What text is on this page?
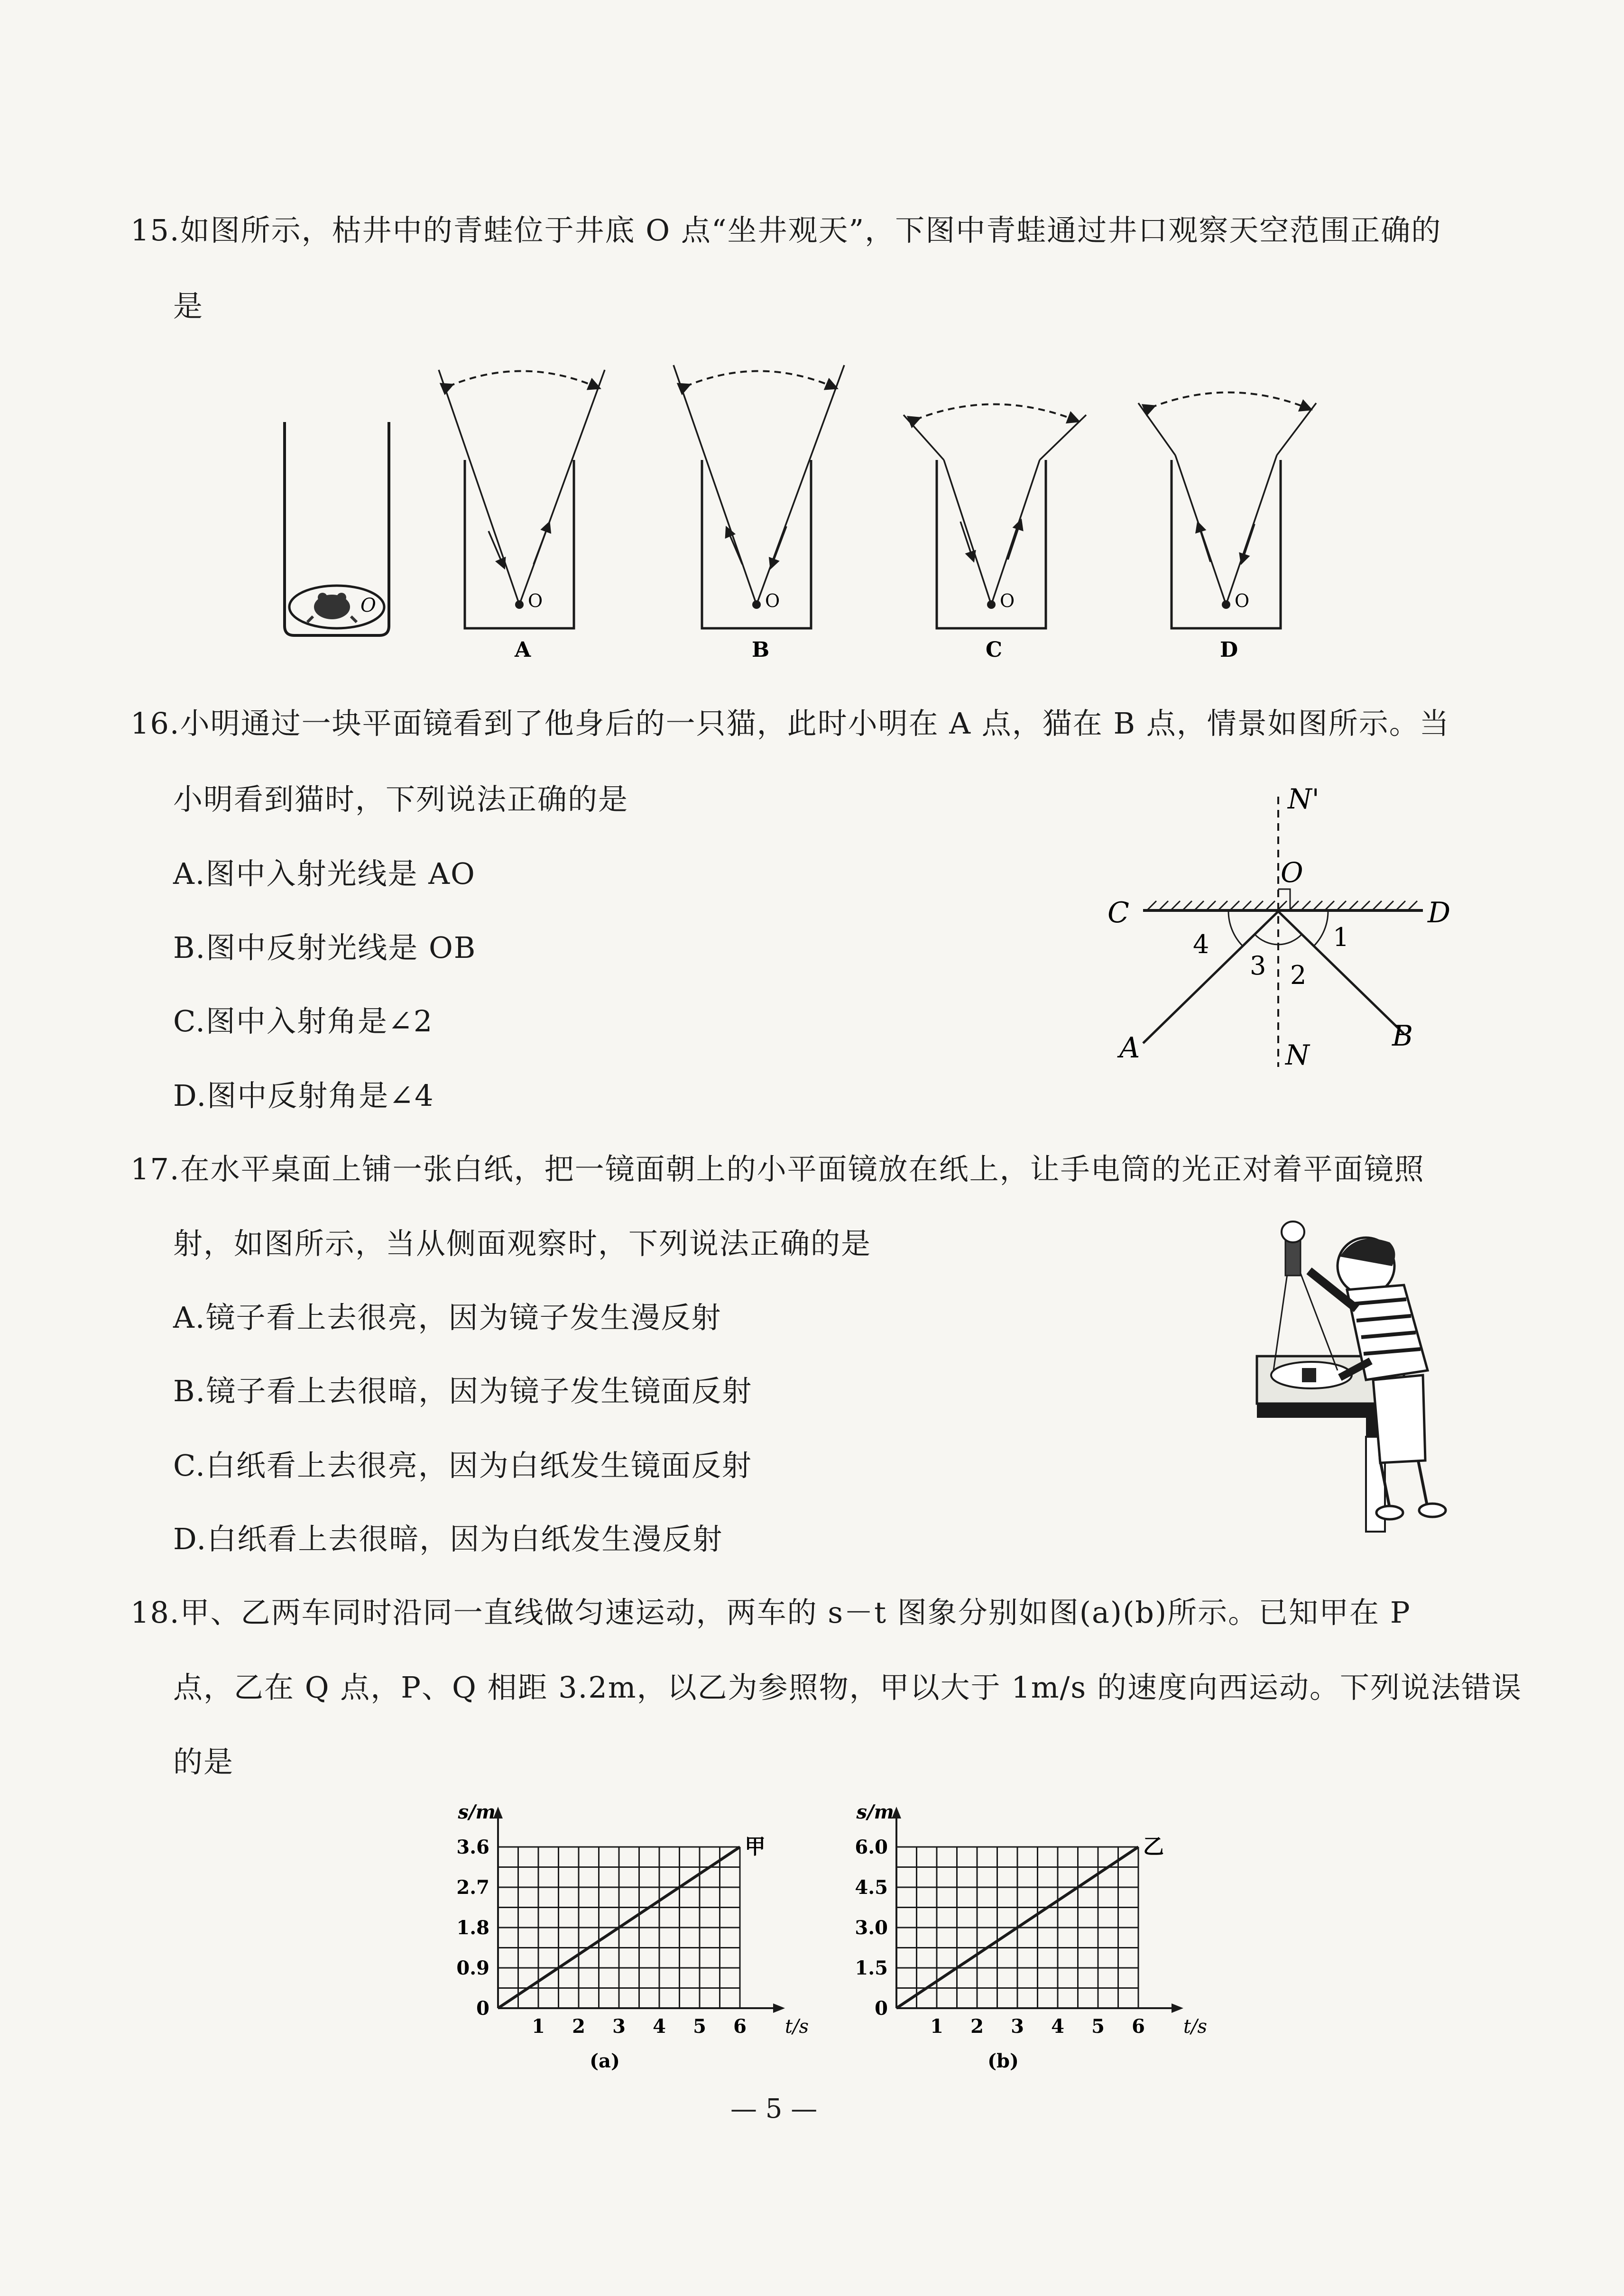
15.如图所示，枯井中的青蛙位于井底 O 点“坐井观天”，下图中青蛙通过井口观察天空范围正确的
是
O	O
A
O
B
O
C
O
D
16.小明通过一块平面镜看到了他身后的一只猫，此时小明在 A 点，猫在 B 点，情景如图所示。当
小明看到猫时，下列说法正确的是
A.图中入射光线是 AO
B.图中反射光线是 OB
C.图中入射角是∠2
D.图中反射角是∠4
N'
O
C	D
4
3 2
1
A	B
N
17.在水平桌面上铺一张白纸，把一镜面朝上的小平面镜放在纸上，让手电筒的光正对着平面镜照
射，如图所示，当从侧面观察时，下列说法正确的是
A.镜子看上去很亮，因为镜子发生漫反射
B.镜子看上去很暗，因为镜子发生镜面反射
C.白纸看上去很亮，因为白纸发生镜面反射
D.白纸看上去很暗，因为白纸发生漫反射
18.甲、乙两车同时沿同一直线做匀速运动，两车的 s－t 图象分别如图(a)(b)所示。已知甲在 P
点，乙在 Q 点，P、Q 相距 3.2m，以乙为参照物，甲以大于 1m/s 的速度向西运动。下列说法错误
的是
0
0.9
1.8
2.7
3.6
1 2 3 4 5 6
s/m
t/s
甲
(a)
0
1.5
3.0
4.5
6.0
1 2 3 4 5 6
s/m
t/s
乙
(b)
— 5 —
